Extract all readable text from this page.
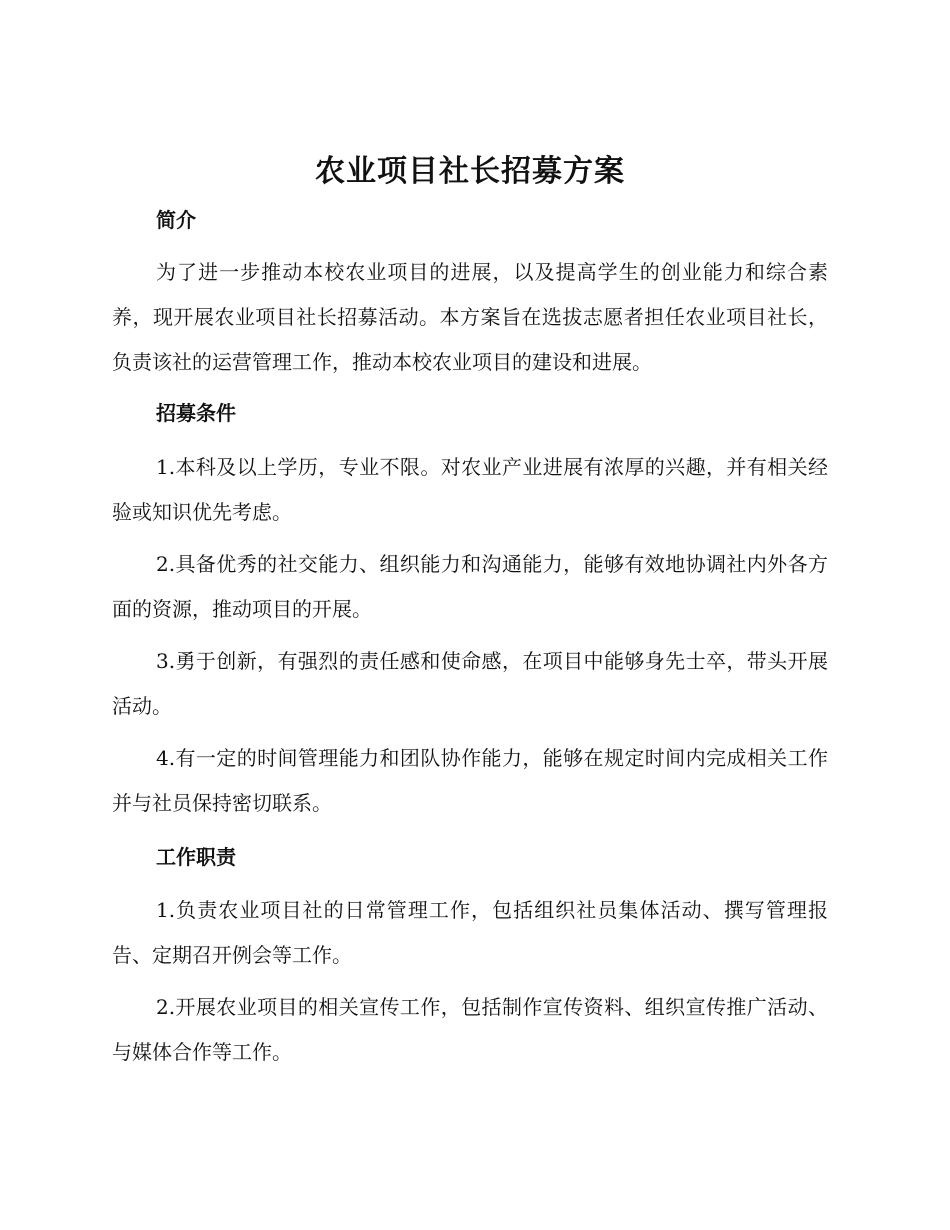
农业项目社长招募方案
简介

为了进一步推动本校农业项目的进展，以及提高学生的创业能力和综合素养，现开展农业项目社长招募活动。本方案旨在选拔志愿者担任农业项目社长，负责该社的运营管理工作，推动本校农业项目的建设和进展。

招募条件

1.本科及以上学历，专业不限。对农业产业进展有浓厚的兴趣，并有相关经验或知识优先考虑。

2.具备优秀的社交能力、组织能力和沟通能力，能够有效地协调社内外各方面的资源，推动项目的开展。

3.勇于创新，有强烈的责任感和使命感，在项目中能够身先士卒，带头开展活动。

4.有一定的时间管理能力和团队协作能力，能够在规定时间内完成相关工作并与社员保持密切联系。

工作职责

1.负责农业项目社的日常管理工作，包括组织社员集体活动、撰写管理报告、定期召开例会等工作。

2.开展农业项目的相关宣传工作，包括制作宣传资料、组织宣传推广活动、与媒体合作等工作。
